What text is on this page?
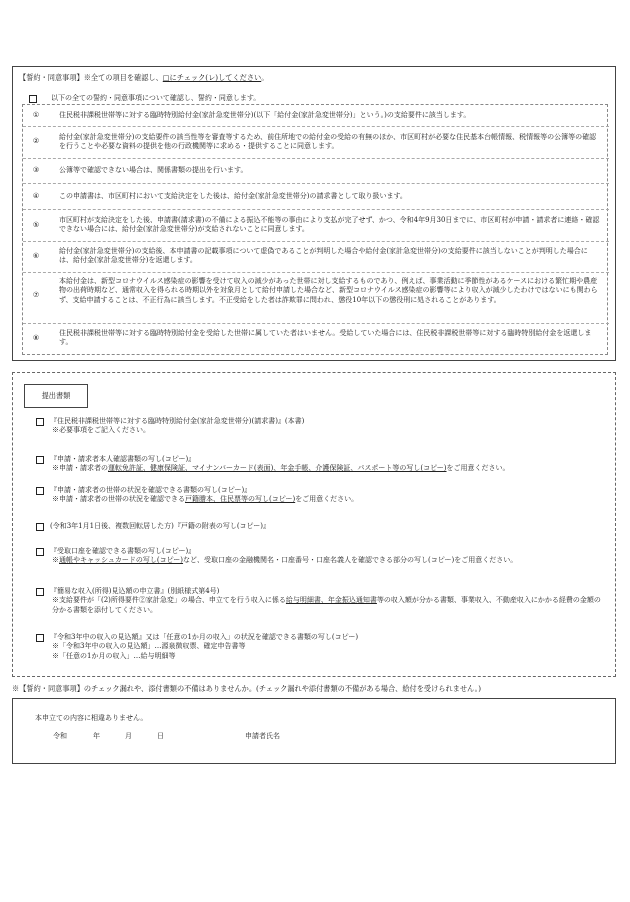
【誓約・同意事項】※全ての項目を確認し、□にチェック(レ)してください。
以下の全ての誓約・同意事項について確認し、誓約・同意します。
①	住民税非課税世帯等に対する臨時特別給付金(家計急変世帯分)(以下「給付金(家計急変世帯分)」という。)の支給要件に該当します。
②	給付金(家計急変世帯分)の支給要件の該当性等を審査等するため、前住所地での給付金の受給の有無のほか、市区町村が必要な住民基本台帳情報、税情報等の公簿等の確認を行うことや必要な資料の提供を他の行政機関等に求める・提供することに同意します。
③	公簿等で確認できない場合は、関係書類の提出を行います。
④	この申請書は、市区町村において支給決定をした後は、給付金(家計急変世帯分)の請求書として取り扱います。
⑤
市区町村が支給決定をした後、申請書(請求書)の不備による振込不能等の事由により支払が完了せず、かつ、令和4年9月30日までに、市区町村が申請・請求者に連絡・確認できない場合には、給付金(家計急変世帯分)が支給されないことに同意します。
⑥
給付金(家計急変世帯分)の支給後、本申請書の記載事項について虚偽であることが判明した場合や給付金(家計急変世帯分)の支給要件に該当しないことが判明した場合には、給付金(家計急変世帯分)を返還します。
⑦
本給付金は、新型コロナウイルス感染症の影響を受けて収入の減少があった世帯に対し支給するものであり、例えば、事業活動に季節性があるケースにおける繁忙期や農産物の出荷時期など、通常収入を得られる時期以外を対象月として給付申請した場合など、新型コロナウイルス感染症の影響等により収入が減少したわけではないにも関わらず、支給申請することは、不正行為に該当します。不正受給をした者は詐欺罪に問われ、懲役10年以下の懲役刑に処されることがあります。
⑧
住民税非課税世帯等に対する臨時特別給付金を受給した世帯に属していた者はいません。受給していた場合には、住民税非課税世帯等に対する臨時特別給付金を返還します。
提出書類
『住民税非課税世帯等に対する臨時特別給付金(家計急変世帯分)(請求書)』(本書)
※必要事項をご記入ください。
『申請・請求者本人確認書類の写し(コピー)』
※申請・請求者の運転免許証、健康保険証、マイナンバーカード(表面)、年金手帳、介護保険証、パスポート等の写し(コピー)をご用意ください。
『申請・請求者の世帯の状況を確認できる書類の写し(コピー)』
※申請・請求者の世帯の状況を確認できる戸籍謄本、住民票等の写し(コピー)をご用意ください。
(令和3年1月1日後、複数回転居した方)『戸籍の附表の写し(コピー)』
『受取口座を確認できる書類の写し(コピー)』
※通帳やキャッシュカードの写し(コピー)など、受取口座の金融機関名・口座番号・口座名義人を確認できる部分の写し(コピー)をご用意ください。
『簡易な収入(所得)見込額の申立書』(別紙様式第4号)
※支給要件が「(2)所得要件②家計急変」の場合、申立てを行う収入に係る給与明細書、年金振込通知書等の収入額が分かる書類、事業収入、不動産収入にかかる経費の金額の分かる書類を添付してください。
『令和3年中の収入の見込額』又は「任意の1か月の収入」の状況を確認できる書類の写し(コピー)
※「令和3年中の収入の見込額」…源泉徴収票、確定申告書等
※「任意の1か月の収入」…給与明細等
※【誓約・同意事項】のチェック漏れや、添付書類の不備はありませんか。(チェック漏れや添付書類の不備がある場合、給付を受けられません。)
本申立ての内容に相違ありません。
令和	年	月	日	申請者氏名
